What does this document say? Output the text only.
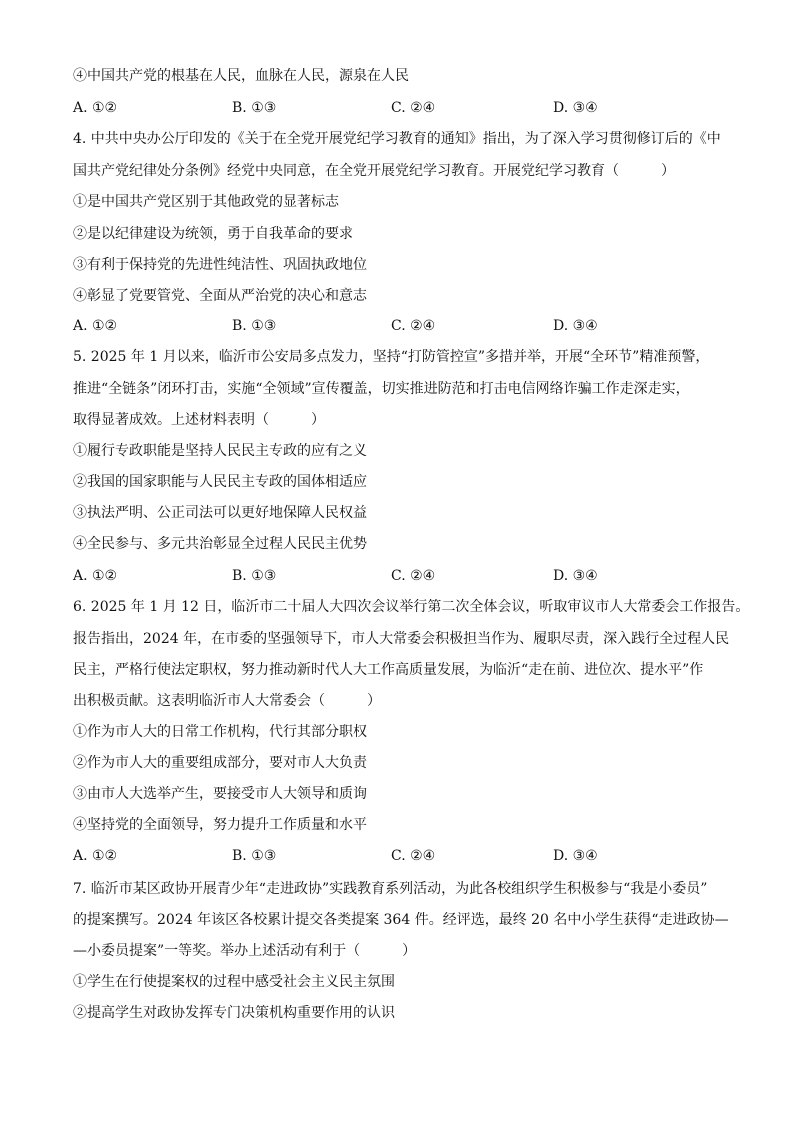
④中国共产党的根基在人民，血脉在人民，源泉在人民
A. ①②	B. ①③	C. ②④	D. ③④
4. 中共中央办公厅印发的《关于在全党开展党纪学习教育的通知》指出，为了深入学习贯彻修订后的《中
国共产党纪律处分条例》经党中央同意，在全党开展党纪学习教育。开展党纪学习教育（　　　）
①是中国共产党区别于其他政党的显著标志
②是以纪律建设为统领，勇于自我革命的要求
③有利于保持党的先进性纯洁性、巩固执政地位
④彰显了党要管党、全面从严治党的决心和意志
A. ①②	B. ①③	C. ②④	D. ③④
5. 2025 年 1 月以来，临沂市公安局多点发力，坚持“打防管控宣”多措并举，开展“全环节”精准预警，
推进“全链条”闭环打击，实施“全领域”宣传覆盖，切实推进防范和打击电信网络诈骗工作走深走实，
取得显著成效。上述材料表明（　　　）
①履行专政职能是坚持人民民主专政的应有之义
②我国的国家职能与人民民主专政的国体相适应
③执法严明、公正司法可以更好地保障人民权益
④全民参与、多元共治彰显全过程人民民主优势
A. ①②	B. ①③	C. ②④	D. ③④
6. 2025 年 1 月 12 日，临沂市二十届人大四次会议举行第二次全体会议，听取审议市人大常委会工作报告。
报告指出，2024 年，在市委的坚强领导下，市人大常委会积极担当作为、履职尽责，深入践行全过程人民
民主，严格行使法定职权，努力推动新时代人大工作高质量发展，为临沂“走在前、进位次、提水平”作
出积极贡献。这表明临沂市人大常委会（　　　）
①作为市人大的日常工作机构，代行其部分职权
②作为市人大的重要组成部分，要对市人大负责
③由市人大选举产生，要接受市人大领导和质询
④坚持党的全面领导，努力提升工作质量和水平
A. ①②	B. ①③	C. ②④	D. ③④
7. 临沂市某区政协开展青少年“走进政协”实践教育系列活动，为此各校组织学生积极参与“我是小委员”
的提案撰写。2024 年该区各校累计提交各类提案 364 件。经评选，最终 20 名中小学生获得“走进政协—
—小委员提案”一等奖。举办上述活动有利于（　　　）
①学生在行使提案权的过程中感受社会主义民主氛围
②提高学生对政协发挥专门决策机构重要作用的认识
